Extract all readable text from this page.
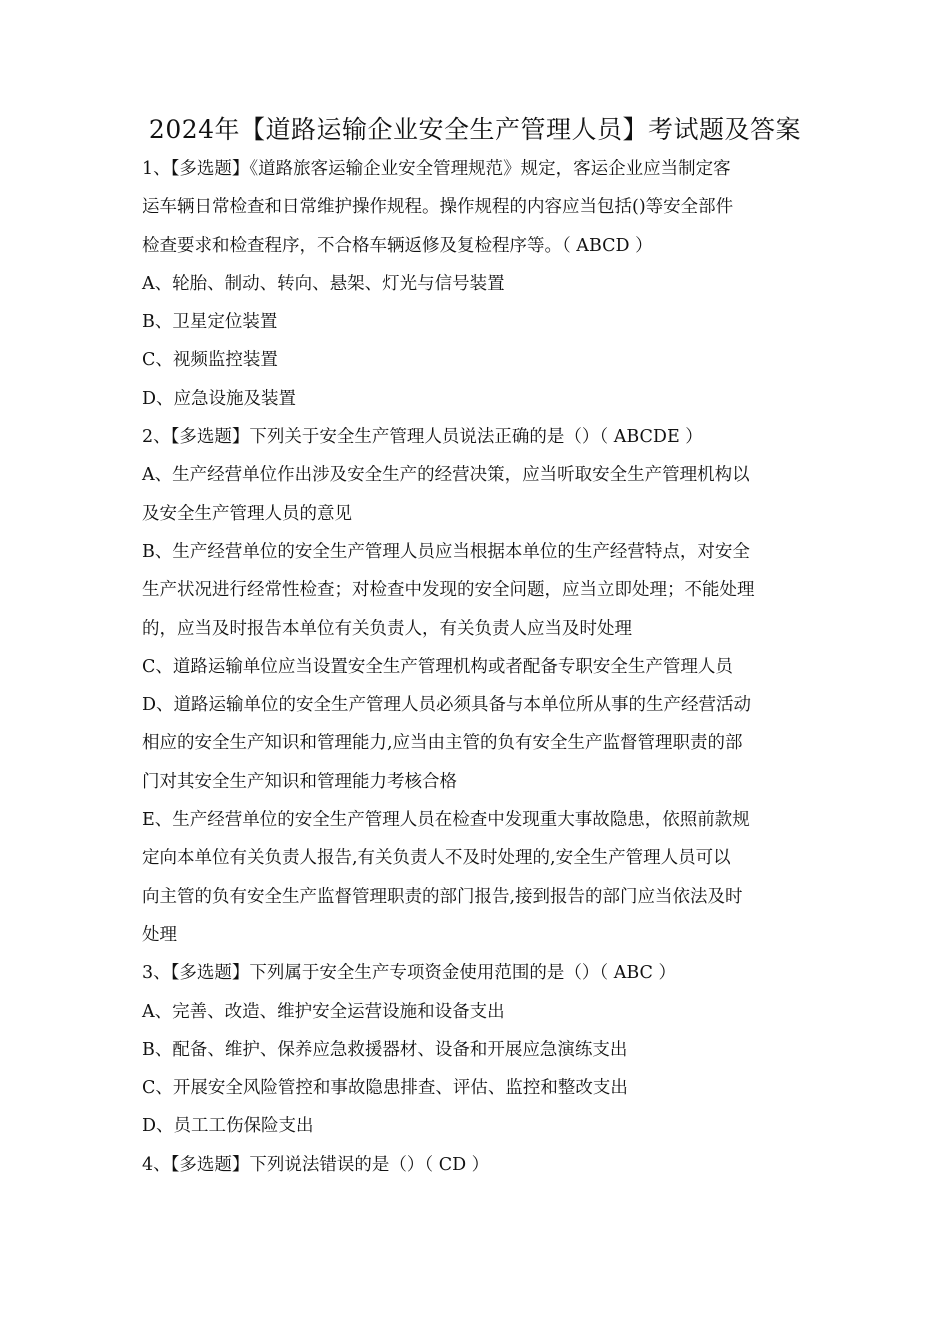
2024年【道路运输企业安全生产管理人员】考试题及答案
1、【多选题】《道路旅客运输企业安全管理规范》规定，客运企业应当制定客
运车辆日常检查和日常维护操作规程。操作规程的内容应当包括()等安全部件
检查要求和检查程序，不合格车辆返修及复检程序等。（ ABCD ）
A、轮胎、制动、转向、悬架、灯光与信号装置
B、卫星定位装置
C、视频监控装置
D、应急设施及装置
2、【多选题】下列关于安全生产管理人员说法正确的是（）（ ABCDE ）
A、生产经营单位作出涉及安全生产的经营决策，应当听取安全生产管理机构以
及安全生产管理人员的意见
B、生产经营单位的安全生产管理人员应当根据本单位的生产经营特点，对安全
生产状况进行经常性检查；对检查中发现的安全问题，应当立即处理；不能处理
的，应当及时报告本单位有关负责人，有关负责人应当及时处理
C、道路运输单位应当设置安全生产管理机构或者配备专职安全生产管理人员
D、道路运输单位的安全生产管理人员必须具备与本单位所从事的生产经营活动
相应的安全生产知识和管理能力,应当由主管的负有安全生产监督管理职责的部
门对其安全生产知识和管理能力考核合格
E、生产经营单位的安全生产管理人员在检查中发现重大事故隐患，依照前款规
定向本单位有关负责人报告,有关负责人不及时处理的,安全生产管理人员可以
向主管的负有安全生产监督管理职责的部门报告,接到报告的部门应当依法及时
处理
3、【多选题】下列属于安全生产专项资金使用范围的是（）（ ABC ）
A、完善、改造、维护安全运营设施和设备支出
B、配备、维护、保养应急救援器材、设备和开展应急演练支出
C、开展安全风险管控和事故隐患排查、评估、监控和整改支出
D、员工工伤保险支出
4、【多选题】下列说法错误的是（）（ CD ）
